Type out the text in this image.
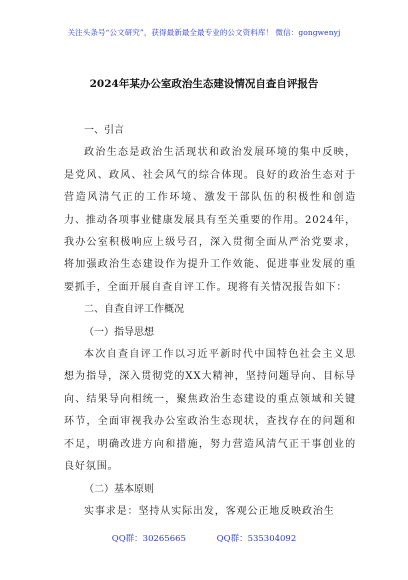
关注头条号“公文研究”，获得最新最全最专业的公文资料库！ 微信：gongwenyj
2024年某办公室政治生态建设情况自查自评报告

一、引言

政治生态是政治生活现状和政治发展环境的集中反映，是党风、政风、社会风气的综合体现。良好的政治生态对于营造风清气正的工作环境、激发干部队伍的积极性和创造力、推动各项事业健康发展具有至关重要的作用。2024年，我办公室积极响应上级号召，深入贯彻全面从严治党要求，将加强政治生态建设作为提升工作效能、促进事业发展的重要抓手，全面开展自查自评工作。现将有关情况报告如下：

二、自查自评工作概况

（一）指导思想

本次自查自评工作以习近平新时代中国特色社会主义思想为指导，深入贯彻党的XX大精神，坚持问题导向、目标导向、结果导向相统一，聚焦政治生态建设的重点领域和关键环节，全面审视我办公室政治生态现状，查找存在的问题和不足，明确改进方向和措施，努力营造风清气正干事创业的良好氛围。

（二）基本原则

实事求是：坚持从实际出发，客观公正地反映政治生

QQ群：30265665	QQ群：535304092
